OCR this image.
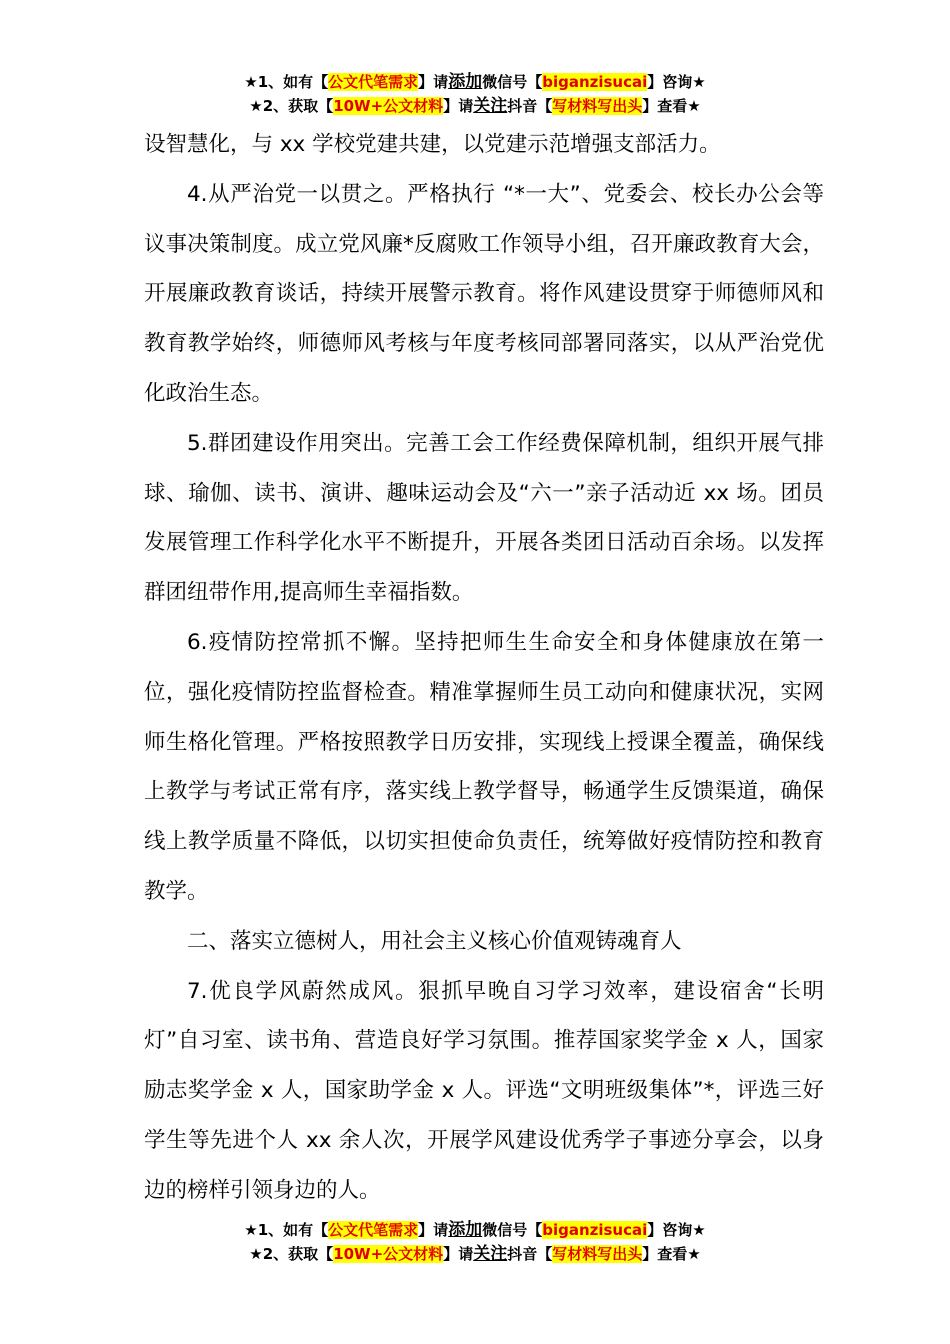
★1、如有【公文代笔需求】请添加微信号【biganzisucai】咨询★
★2、获取【10W+公文材料】请关注抖音【写材料写出头】查看★

设智慧化，与 xx 学校党建共建，以党建示范增强支部活力。

4.从严治党一以贯之。严格执行 “*一大”、党委会、校长办公会等议事决策制度。成立党风廉*反腐败工作领导小组，召开廉政教育大会，开展廉政教育谈话，持续开展警示教育。将作风建设贯穿于师德师风和教育教学始终，师德师风考核与年度考核同部署同落实，以从严治党优化政治生态。

5.群团建设作用突出。完善工会工作经费保障机制，组织开展气排球、瑜伽、读书、演讲、趣味运动会及“六一”亲子活动近 xx 场。团员发展管理工作科学化水平不断提升，开展各类团日活动百余场。以发挥群团纽带作用,提高师生幸福指数。

6.疫情防控常抓不懈。坚持把师生生命安全和身体健康放在第一位，强化疫情防控监督检查。精准掌握师生员工动向和健康状况，实网师生格化管理。严格按照教学日历安排，实现线上授课全覆盖，确保线上教学与考试正常有序，落实线上教学督导，畅通学生反馈渠道，确保线上教学质量不降低，以切实担使命负责任，统筹做好疫情防控和教育教学。

二、落实立德树人，用社会主义核心价值观铸魂育人

7.优良学风蔚然成风。狠抓早晚自习学习效率，建设宿舍“长明灯”自习室、读书角、营造良好学习氛围。推荐国家奖学金 x 人，国家励志奖学金 x 人，国家助学金 x 人。评选“文明班级集体”*，评选三好学生等先进个人 xx 余人次，开展学风建设优秀学子事迹分享会，以身边的榜样引领身边的人。

★1、如有【公文代笔需求】请添加微信号【biganzisucai】咨询★
★2、获取【10W+公文材料】请关注抖音【写材料写出头】查看★
